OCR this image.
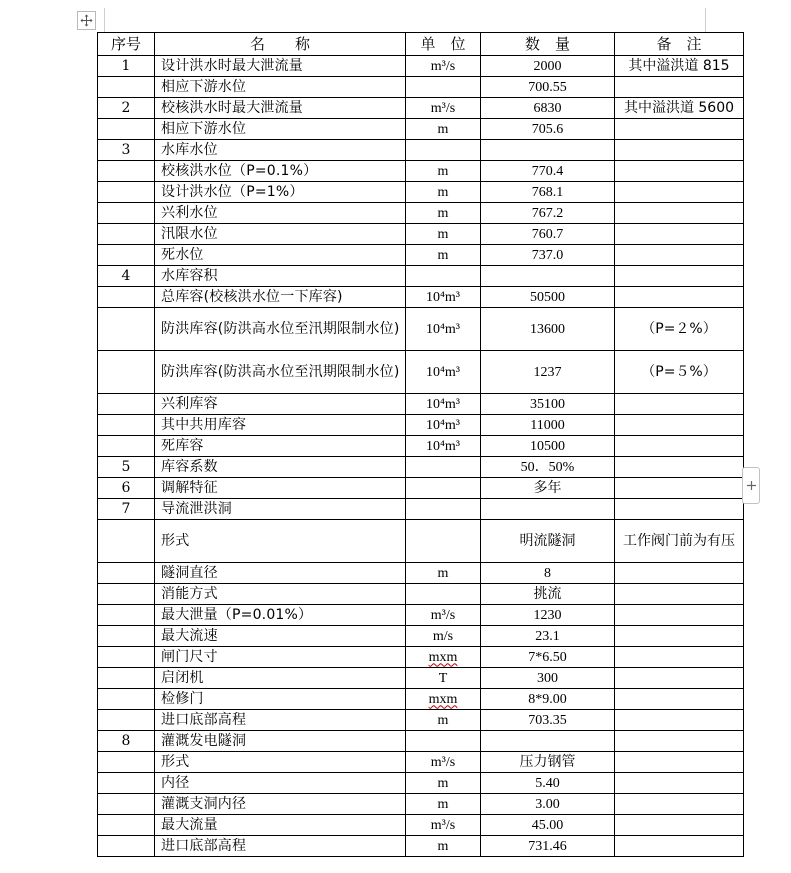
序号	名　　称	单　位	数　量	备　注
1	设计洪水时最大泄流量	m³/s	2000	其中溢洪道 815
	相应下游水位		700.55	
2	校核洪水时最大泄流量	m³/s	6830	其中溢洪道 5600
	相应下游水位	m	705.6	
3	水库水位			
	校核洪水位（P=0.1%）	m	770.4	
	设计洪水位（P=1%）	m	768.1	
	兴利水位	m	767.2	
	汛限水位	m	760.7	
	死水位	m	737.0	
4	水库容积			
	总库容(校核洪水位一下库容)	10⁴m³	50500	
	防洪库容(防洪高水位至汛期限制水位)	10⁴m³	13600	（P=２%）
	防洪库容(防洪高水位至汛期限制水位)	10⁴m³	1237	（P=５%）
	兴利库容	10⁴m³	35100	
	其中共用库容	10⁴m³	11000	
	死库容	10⁴m³	10500	
5	库容系数		50．50%	
6	调解特征		多年	
7	导流泄洪洞			
	形式		明流隧洞	工作阀门前为有压
	隧洞直径	m	8	
	消能方式		挑流	
	最大泄量（P=0.01%）	m³/s	1230	
	最大流速	m/s	23.1	
	闸门尺寸	mxm	7*6.50	
	启闭机	T	300	
	检修门	mxm	8*9.00	
	进口底部高程	m	703.35	
8	灌溉发电隧洞			
	形式	m³/s	压力钢管	
	内径	m	5.40	
	灌溉支洞内径	m	3.00	
	最大流量	m³/s	45.00	
	进口底部高程	m	731.46	
